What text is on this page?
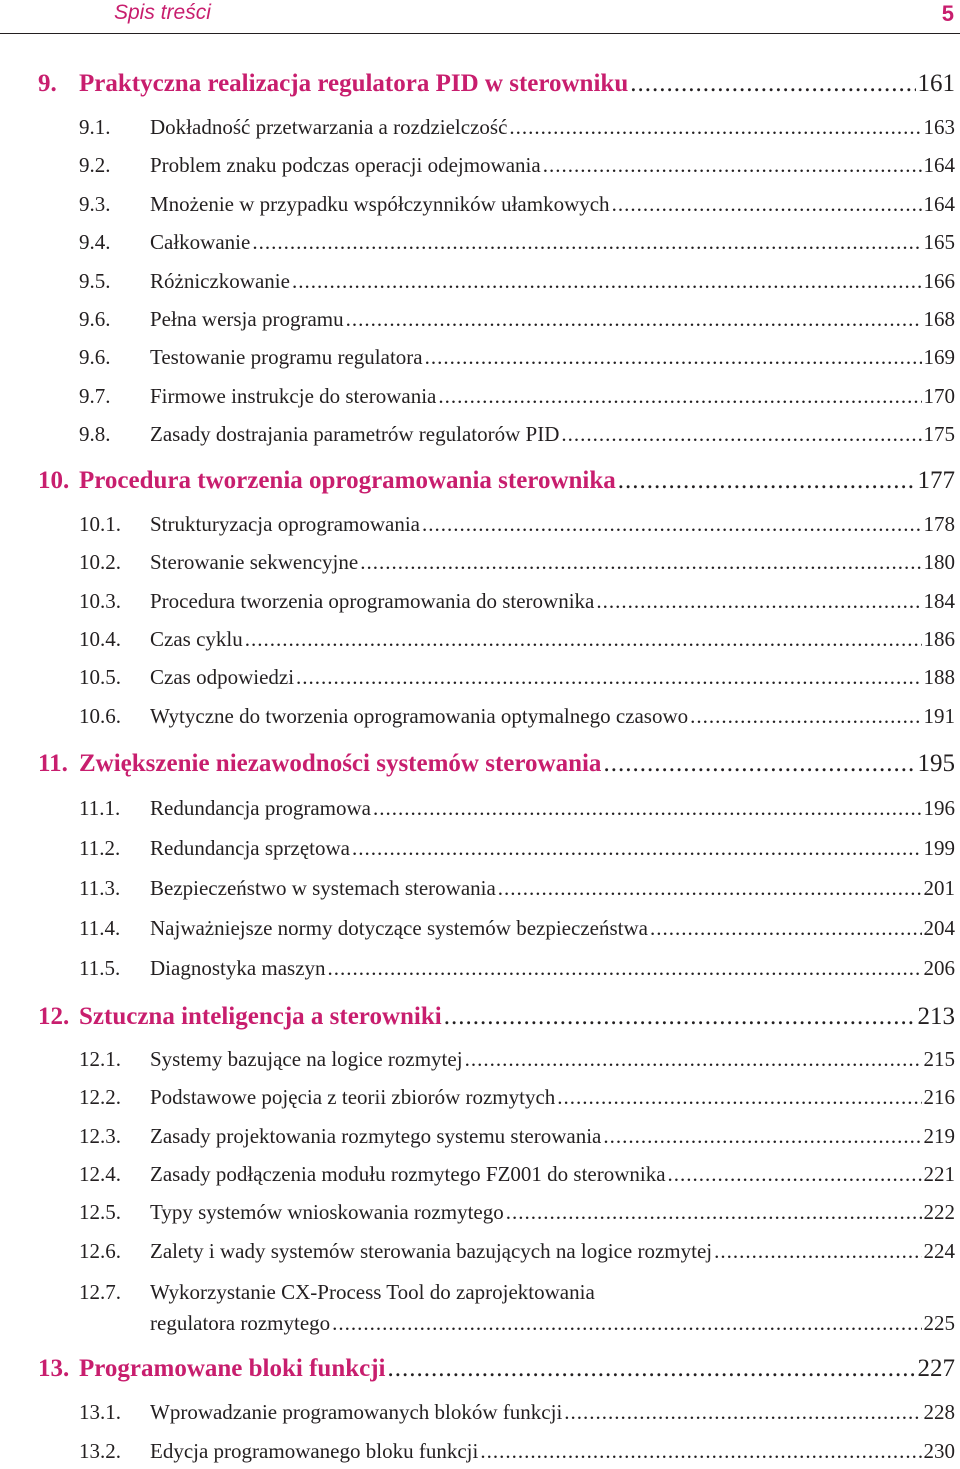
Spis treści	5
9. Praktyczna realizacja regulatora PID w sterowniku .....	161
9.1. Dokładność przetwarzania a rozdzielczość .....	163
9.2. Problem znaku podczas operacji odejmowania .....	164
9.3. Mnożenie w przypadku współczynników ułamkowych .....	164
9.4. Całkowanie .....	165
9.5. Różniczkowanie .....	166
9.6. Pełna wersja programu .....	168
9.6. Testowanie programu regulatora .....	169
9.7. Firmowe instrukcje do sterowania .....	170
9.8. Zasady dostrajania parametrów regulatorów PID .....	175
10. Procedura tworzenia oprogramowania sterownika .....	177
10.1. Strukturyzacja oprogramowania .....	178
10.2. Sterowanie sekwencyjne .....	180
10.3. Procedura tworzenia oprogramowania do sterownika .....	184
10.4. Czas cyklu .....	186
10.5. Czas odpowiedzi .....	188
10.6. Wytyczne do tworzenia oprogramowania optymalnego czasowo .....	191
11. Zwiększenie niezawodności systemów sterowania .....	195
11.1. Redundancja programowa .....	196
11.2. Redundancja sprzętowa .....	199
11.3. Bezpieczeństwo w systemach sterowania .....	201
11.4. Najważniejsze normy dotyczące systemów bezpieczeństwa .....	204
11.5. Diagnostyka maszyn .....	206
12. Sztuczna inteligencja a sterowniki .....	213
12.1. Systemy bazujące na logice rozmytej .....	215
12.2. Podstawowe pojęcia z teorii zbiorów rozmytych .....	216
12.3. Zasady projektowania rozmytego systemu sterowania .....	219
12.4. Zasady podłączenia modułu rozmytego FZ001 do sterownika .....	221
12.5. Typy systemów wnioskowania rozmytego .....	222
12.6. Zalety i wady systemów sterowania bazujących na logice rozmytej .....	224
12.7. Wykorzystanie CX-Process Tool do zaprojektowania
regulatora rozmytego .....	225
13. Programowane bloki funkcji .....	227
13.1. Wprowadzanie programowanych bloków funkcji .....	228
13.2. Edycja programowanego bloku funkcji .....	230
